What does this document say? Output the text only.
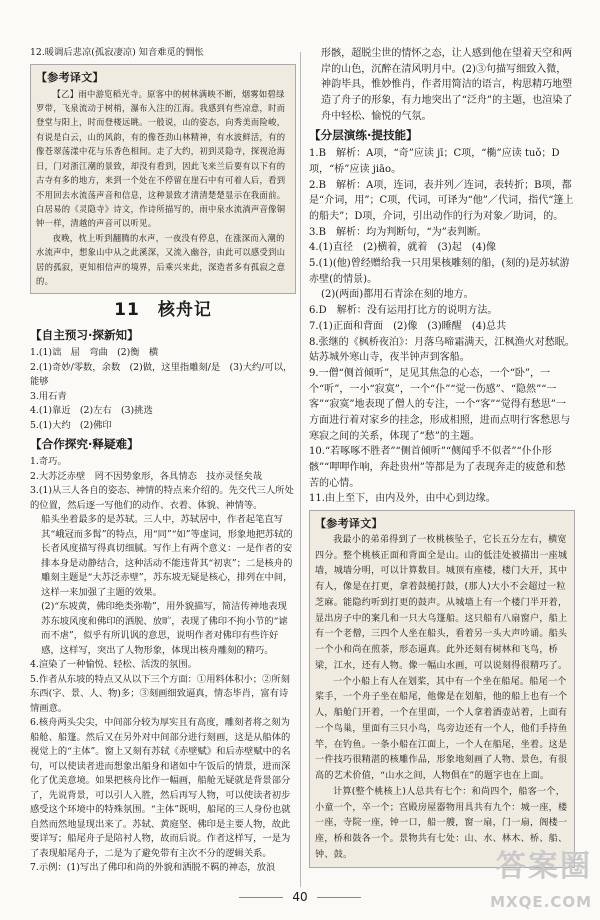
12.暖调后悲凉(孤寂凄凉) 知音难觅的惆怅

【参考译文】

【乙】雨中游览稻光寺。原客中的树林满映不断，烟雾如碧绿罗带，飞泉流动于树梢，瀑布入注的江海。我感到有些凉意，时而登堂与阳上，时而登楼远眺。一般说，山的姿态，向秀美而险峻，有说是白云，山的风韵，有的像苍劲山林精神，有水波鲜活，有的像苍翠荡漾中花与乐香色相间。走了大约，初到灵隐寺，探视沧海日，门对浙江潮的景致，却没有看到，因此飞来兰后要有以下有的古寺有多的地方，来到一个处在不停留在崖石中有可着人后，看到不用回去水流荡声音和信息，这种景致才清清楚楚显示在我面前。白居易的《灵隐寺》诗文，作诗所描写的，雨中泉水流淌声音像铜钟一样，清越的声音可以听见。

夜晚，枕上听到翻腾的水声，一夜没有停息，在涨深而入潮的水流声中，想象山中从之此溪深，又流入幽谷，由此可以感受到山居的孤寂，更知相信声的境界，后乘兴来此，深造者多有孤寂之意的。

11　核舟记

【自主预习·探新知】

1.(1)诎　屈　弯曲　(2)衡　横

2.(1)奇妙/零数，余数　(2)做，这里指雕刻/是　(3)大约/可以，能够

3.用石青

4.(1)靠近　(2)左右　(3)挑选

5.(1)大约　(2)佛印

【合作探究·释疑难】

1.奇巧。

2.大苏泛赤壁　罔不因势象形，各具情态　技亦灵怪矣哉

3.(1)从三人各自的姿态、神情的特点来介绍的。先交代三人所处的位置，然后逐一写他们的动作、衣着、体貌、神情等。

船头坐着最多的是苏轼。三人中，苏轼居中，作者起笔直写其“峨冠而多髯”的特点，用“同”“如”等虚词，形象地把苏轼的长者风度描写得真切细腻。写作上有两个意义：一是作者的安排本身是动静结合，这种活动不能违背其“初衷”；二是核舟的雕刻主题是“大苏泛赤壁”，苏东坡无疑是核心，排列在中间，这样一来加强了主题的效果。

(2)“东坡黄，佛印绝类弥勒”，用外貌描写，简洁传神地表现苏东坡风度和佛印的洒脱、放旷，表现了佛印不拘小节的“谑而不虐”，似乎有所讥讽的意思，说明作者对佛印有些许好感，这样写，突出了人物形象，体现出核舟雕刻的精巧。

4.渲染了一种愉悦、轻松、活泼的氛围。

5.作者从东坡的特点又从以下三个方面：①用料体积小；②所刻东西(字、景、人、物)多；③刻画细致逼真，情态毕肖，富有诗情画意。

6.核舟两头尖尖，中间部分较为厚实且有高度，雕刻者将之刻为船舱、船篷。然后又在另外对中间部分进行刻画，这是从船体的视觉上的“主体”。窗上又刻有苏轼《赤壁赋》和后赤壁赋中的名句，可以使读者进而想象出船身和诸如中午饭后的情景，进而深化了优美意境。如果把核舟比作一幅画，船舱无疑就是背景部分了，先说背景，可以引人入胜，然后再写人物，可以使读者初步感受这个环境中的特殊氛围。“主体”既明，船尾的三人身份也就自然而然地显现出来了。苏轼、黄庭坚、佛印是主要人物，故此要详写；船尾舟子是陪衬人物，故而后说。作者这样写，一是为了表现船尾舟子，二是为了避免带有主次不分的逻辑关系。

7.示例：(1)写出了佛印和尚的外貌和洒脱不羁的神态，放浪

形骸，超脱尘世的情怀之态，让人感到他在望着天空和两岸的山色，沉醉在清风明月中。(2)③句描写细致入微，神韵毕具，惟妙惟肖，作者用简洁的语言，构思精巧地塑造了舟子的形象，有力地突出了“泛舟”的主题，也渲染了舟中轻松、愉悦的气氛。

【分层演练·提技能】

1.B　解析：A项，“奇”应读 jī；C项，“椭”应读 tuǒ；D项，“桥”应读 jiāo。

2.B　解析：A项，连词，表并列／连词，表转折；B项，都是“介词，用”；C项，代词，可译为“他”／代词，指代“篷上的船夫”；D项，介词，引出动作的行为对象／助词，的。

3.B　解析：均为判断句，“为”表判断。

4.(1)直径　(2)横着，就着　(3)起　(4)像

5.(1)(他)曾经赠给我一只用果核雕刻的船，(刻的)是苏轼游赤壁(的情景)。

(2)(两面)都用石青涂在刻的地方。

6.D　解析：没有运用打比方的说明方法。

7.(1)正面和背面　(2)像　(3)睡醒　(4)总共

8.张继的《枫桥夜泊》：月落乌啼霜满天，江枫渔火对愁眠。姑苏城外寒山寺，夜半钟声到客船。

9.一僧“侧首倾听”，足见其焦急的心态，一个“卧”，一个“听”，一小“寂寞”，一个“仆”“觉一伤感”、“隐然”“一客”“寂寞”地表现了僧人的专注，一个“客”“觉得有愁思”一方面进行着对家乡的挂念，形成相照，进而点明行客愁思与寒寂之间的关系，体现了“愁”的主题。

10.“若啄啄不胜者”“侧首倾听”“侧闻乎不似者”“仆仆形骸”“呷呷作响，奔赴贵州”等都是为了表现奔走的疲惫和愁苦的心情。

11.由上至下，由内及外，由中心到边缘。

【参考译文】

我最小的弟弟得到了一枚桃核坠子，它长五分左右，横宽四分。整个桃核正面和背面全是山。山的低洼处被描出一座城墙，城墙分明，可以计算数目。城顶有座楼，楼门大开，其中有人，像是在打更，拿着鼓槌打鼓，(那人)大小不会超过一粒芝麻。能隐约听到打更的鼓声。从城墙上有一个楼门半开着，显出房子中的案几和一只大乌篷船。这只船有八扇窗户，船上有一个老僧，三四个人坐在船头，看着另一头大声吟诵。船头一个小和尚在煎茶，形态逼真。此外还刻有树林和飞鸟，桥梁，江水，还有人物。像一幅山水画，可以说刻得很精巧了。

一个小船上有人在划桨，其中有一个坐在船尾。船尾一个桨手，一个舟子坐在船尾，他像是在划船，他的船上也有一个人，船舱门开着，一个在里面，一个人拿着酒壶站着，上面有一个鸟巢，里面有三只小鸟，鸟旁边还有一个人，他们手持鱼竿，在钓鱼。一条小船在江面上，一个人在船尾，坐着。这是一件技巧很精湛的核雕作品，形象地刻画了人物、景色，有很高的艺术价值，“山水之间，人物俱在”的题字也在上面。

计算(整个桃核上)人总共有七个：和尚四个，船客一个，小童一个，卒一个；宫殿房屋器物用具共有九个：城一座，楼一座，寺院一座，钟一口，船一艘，窗一扇，门一扇，阁楼一座，桥和鼓各一个。景物共有七处：山、水、林木、桥、船、钟、鼓。

40
答案圈
MXQE.COM
